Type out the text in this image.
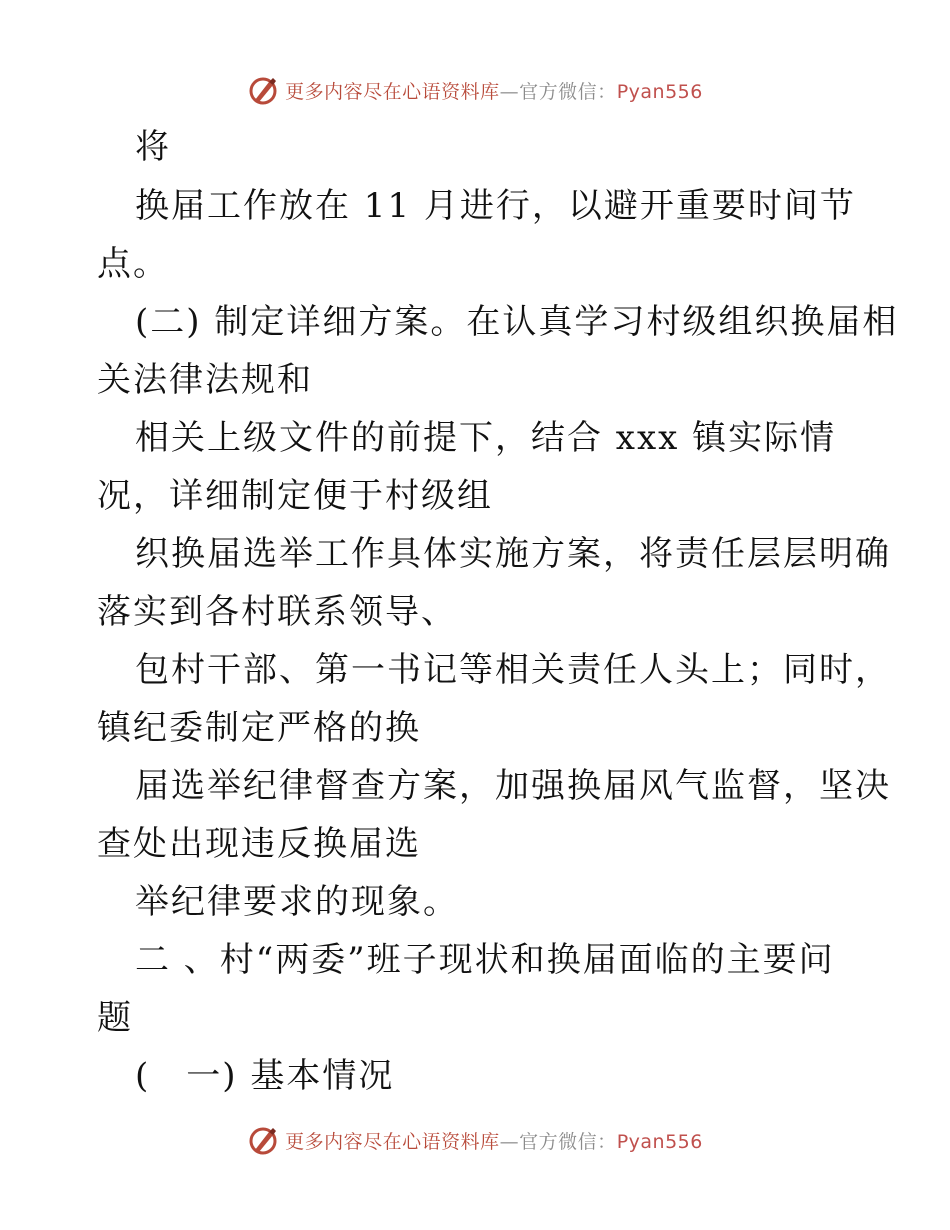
更多内容尽在心语资料库—官方微信：Pyan556
将
换届工作放在 11 月进行，以避开重要时间节
点。
(二) 制定详细方案。在认真学习村级组织换届相
关法律法规和
相关上级文件的前提下，结合 xxx 镇实际情
况，详细制定便于村级组
织换届选举工作具体实施方案，将责任层层明确
落实到各村联系领导、
包村干部、第一书记等相关责任人头上；同时，
镇纪委制定严格的换
届选举纪律督查方案，加强换届风气监督，坚决
查处出现违反换届选
举纪律要求的现象。
二 、村“两委”班子现状和换届面临的主要问
题
(　一) 基本情况
更多内容尽在心语资料库—官方微信：Pyan556
